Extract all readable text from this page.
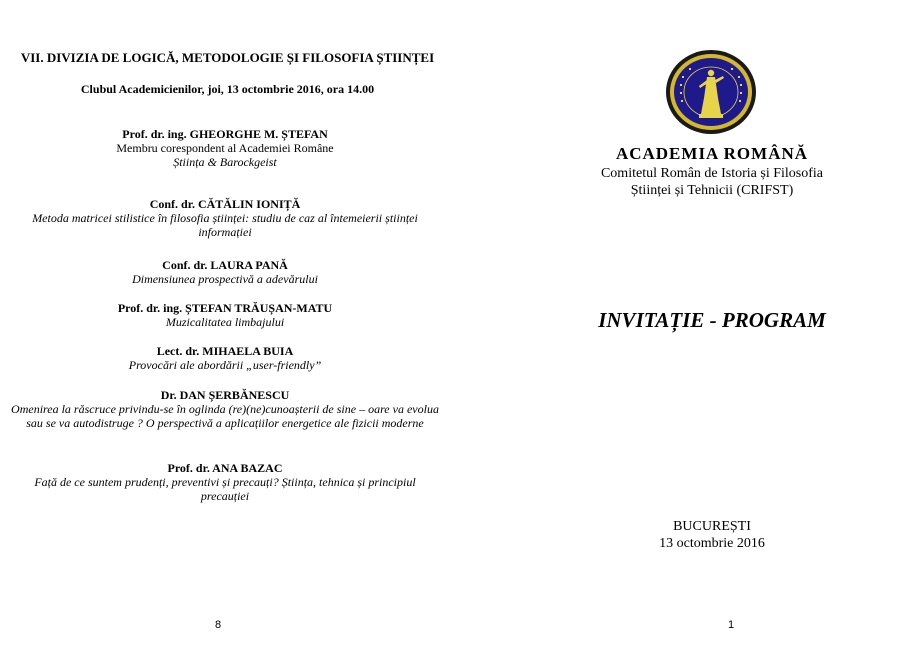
VII. DIVIZIA DE LOGICĂ, METODOLOGIE ȘI FILOSOFIA ȘTIINȚEI
Clubul Academicienilor, joi, 13 octombrie 2016, ora 14.00
Prof. dr. ing. GHEORGHE M. ȘTEFAN
Membru corespondent al Academiei Române
Știința & Barockgeist
Conf. dr. CĂTĂLIN IONIȚĂ
Metoda matricei stilistice în filosofia științei: studiu de caz al întemeierii științei informației
Conf. dr. LAURA PANĂ
Dimensiunea prospectivă a adevărului
Prof. dr. ing. ȘTEFAN TRĂUȘAN-MATU
Muzicalitatea limbajului
Lect. dr. MIHAELA BUIA
Provocări ale abordării „user-friendly”
Dr. DAN ȘERBĂNESCU
Omenirea la răscruce privindu-se în oglinda (re)(ne)cunoașterii de sine – oare va evolua sau se va autodistruge ? O perspectivă a aplicațiilor energetice ale fizicii moderne
Prof. dr. ANA BAZAC
Față de ce suntem prudenți, preventivi și precauți? Știința, tehnica și principiul precauției
8
ACADEMIA ROMÂNĂ
Comitetul Român de Istoria și Filosofia
Științei și Tehnicii (CRIFST)
INVITAȚIE - PROGRAM
BUCUREȘTI
13 octombrie 2016
1
